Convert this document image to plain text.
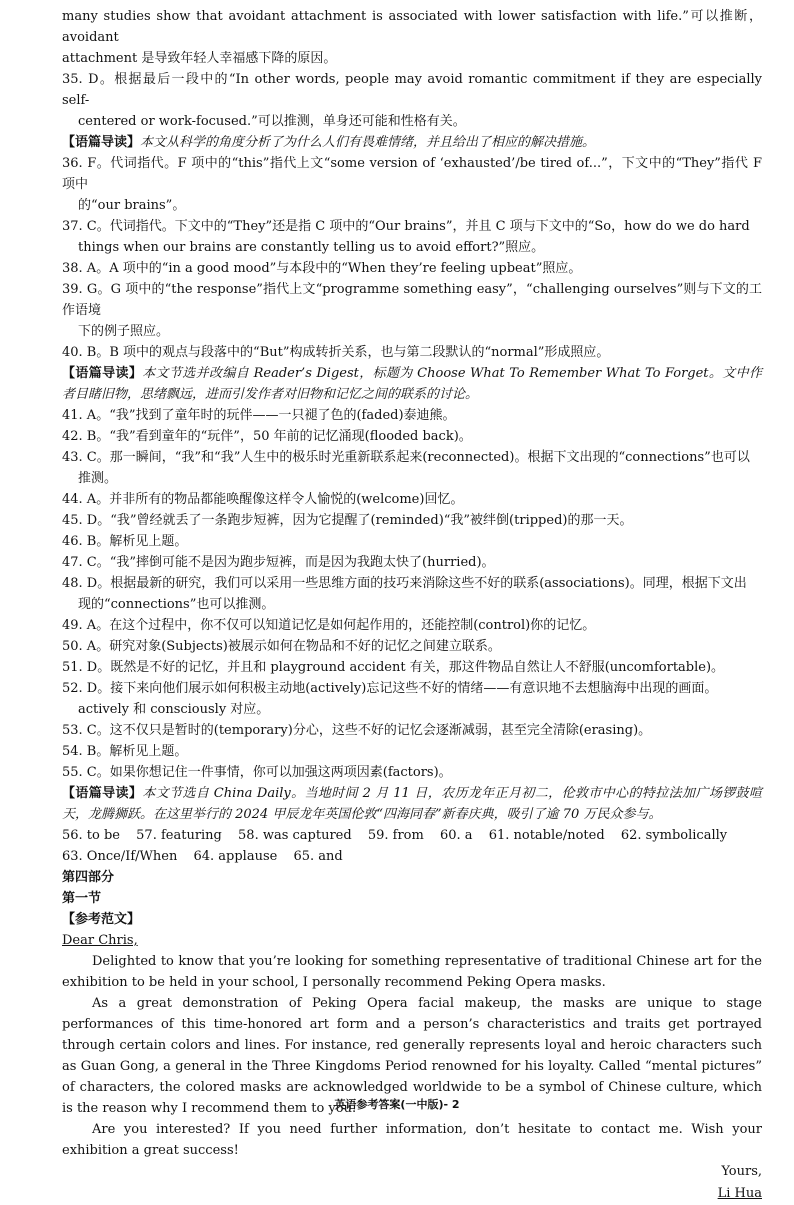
many studies show that avoidant attachment is associated with lower satisfaction with life.”可以推断，avoidant

attachment 是导致年轻人幸福感下降的原因。

35. D。根据最后一段中的“In other words, people may avoid romantic commitment if they are especially self-

centered or work-focused.”可以推测，单身还可能和性格有关。

【语篇导读】本文从科学的角度分析了为什么人们有畏难情绪，并且给出了相应的解决措施。

36. F。代词指代。F 项中的“this”指代上文“some version of ‘exhausted’/be tired of...”，下文中的“They”指代 F 项中

的“our brains”。

37. C。代词指代。下文中的“They”还是指 C 项中的“Our brains”，并且 C 项与下文中的“So，how do we do hard

things when our brains are constantly telling us to avoid effort?”照应。

38. A。A 项中的“in a good mood”与本段中的“When they’re feeling upbeat”照应。

39. G。G 项中的“the response”指代上文“programme something easy”，“challenging ourselves”则与下文的工作语境

下的例子照应。

40. B。B 项中的观点与段落中的“But”构成转折关系，也与第二段默认的“normal”形成照应。

【语篇导读】本文节选并改编自 Reader’s Digest，标题为 Choose What To Remember What To Forget。文中作者目睹旧物，思绪飘远，进而引发作者对旧物和记忆之间的联系的讨论。

41. A。“我”找到了童年时的玩伴——一只褪了色的(faded)泰迪熊。

42. B。“我”看到童年的“玩伴”，50 年前的记忆涌现(flooded back)。

43. C。那一瞬间，“我”和“我”人生中的极乐时光重新联系起来(reconnected)。根据下文出现的“connections”也可以

推测。

44. A。并非所有的物品都能唤醒像这样令人愉悦的(welcome)回忆。

45. D。“我”曾经就丢了一条跑步短裤，因为它提醒了(reminded)“我”被绊倒(tripped)的那一天。

46. B。解析见上题。

47. C。“我”摔倒可能不是因为跑步短裤，而是因为我跑太快了(hurried)。

48. D。根据最新的研究，我们可以采用一些思维方面的技巧来消除这些不好的联系(associations)。同理，根据下文出

现的“connections”也可以推测。

49. A。在这个过程中，你不仅可以知道记忆是如何起作用的，还能控制(control)你的记忆。

50. A。研究对象(Subjects)被展示如何在物品和不好的记忆之间建立联系。

51. D。既然是不好的记忆，并且和 playground accident 有关，那这件物品自然让人不舒服(uncomfortable)。

52. D。接下来向他们展示如何积极主动地(actively)忘记这些不好的情绪——有意识地不去想脑海中出现的画面。

actively 和 consciously 对应。

53. C。这不仅只是暂时的(temporary)分心，这些不好的记忆会逐渐减弱，甚至完全清除(erasing)。

54. B。解析见上题。

55. C。如果你想记住一件事情，你可以加强这两项因素(factors)。

【语篇导读】本文节选自 China Daily。当地时间 2 月 11 日，农历龙年正月初二，伦敦市中心的特拉法加广场锣鼓喧天，龙腾狮跃。在这里举行的 2024 甲辰龙年英国伦敦“四海同春”新春庆典，吸引了逾 70 万民众参与。

56. to be 57. featuring 58. was captured 59. from 60. a 61. notable/noted 62. symbolically

63. Once/If/When 64. applause 65. and

第四部分

第一节

【参考范文】

Dear Chris,

Delighted to know that you’re looking for something representative of traditional Chinese art for the exhibition to be held in your school, I personally recommend Peking Opera masks.

As a great demonstration of Peking Opera facial makeup, the masks are unique to stage performances of this time-honored art form and a person’s characteristics and traits get portrayed through certain colors and lines. For instance, red generally represents loyal and heroic characters such as Guan Gong, a general in the Three Kingdoms Period renowned for his loyalty. Called “mental pictures” of characters, the colored masks are acknowledged worldwide to be a symbol of Chinese culture, which is the reason why I recommend them to you.

Are you interested? If you need further information, don’t hesitate to contact me. Wish your exhibition a great success!

Yours,
Li Hua
英语参考答案(一中版)- 2
